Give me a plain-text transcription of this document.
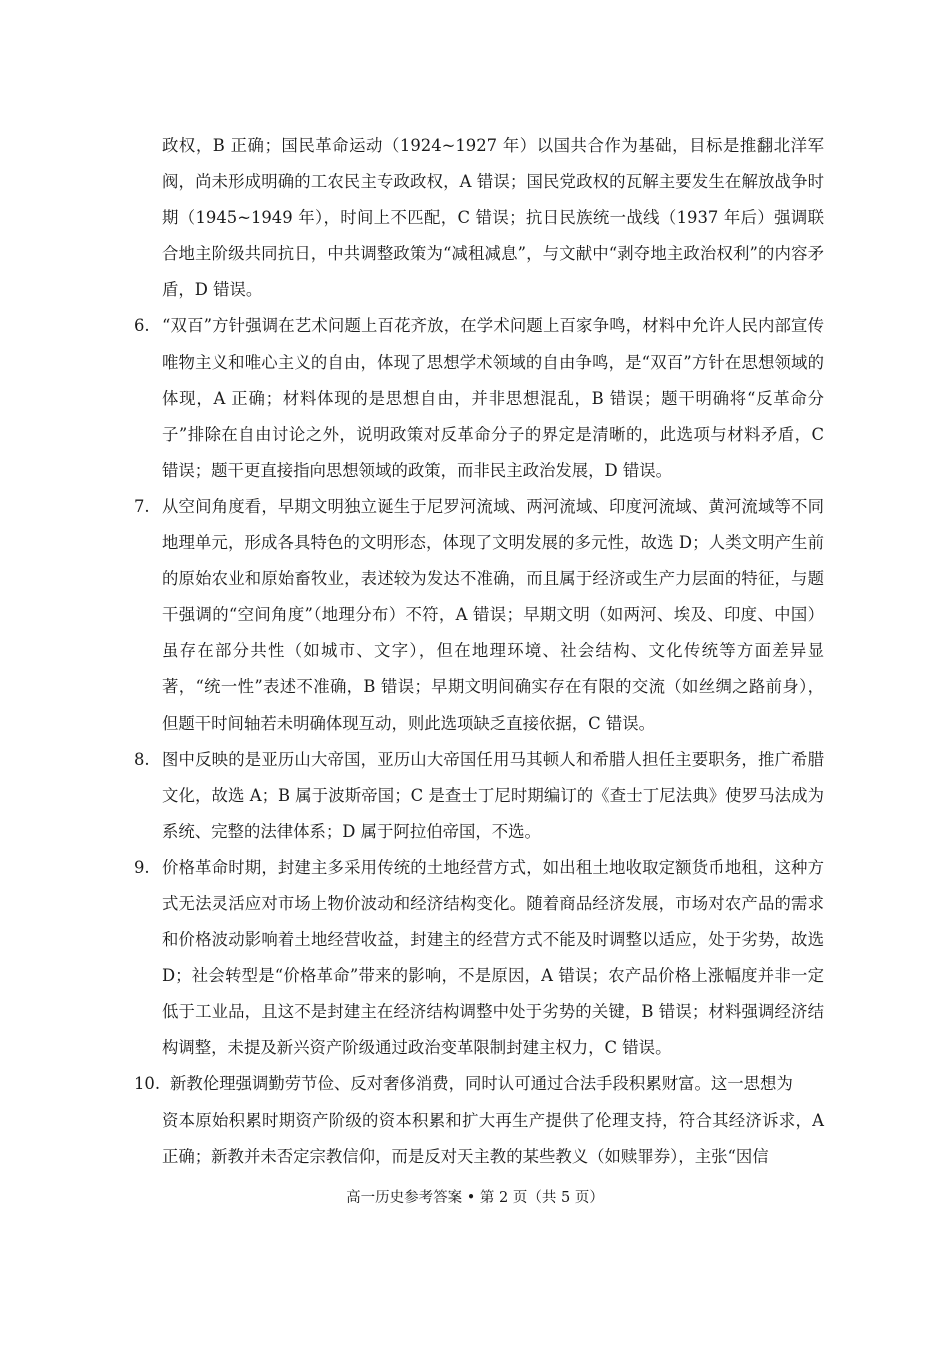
政权，B 正确；国民革命运动（1924~1927 年）以国共合作为基础，目标是推翻北洋军阀，尚未形成明确的工农民主专政政权，A 错误；国民党政权的瓦解主要发生在解放战争时期（1945~1949 年），时间上不匹配，C 错误；抗日民族统一战线（1937 年后）强调联合地主阶级共同抗日，中共调整政策为“减租减息”，与文献中“剥夺地主政治权利”的内容矛盾，D 错误。

6. “双百”方针强调在艺术问题上百花齐放，在学术问题上百家争鸣，材料中允许人民内部宣传唯物主义和唯心主义的自由，体现了思想学术领域的自由争鸣，是“双百”方针在思想领域的体现，A 正确；材料体现的是思想自由，并非思想混乱，B 错误；题干明确将“反革命分子”排除在自由讨论之外，说明政策对反革命分子的界定是清晰的，此选项与材料矛盾，C 错误；题干更直接指向思想领域的政策，而非民主政治发展，D 错误。
7. 从空间角度看，早期文明独立诞生于尼罗河流域、两河流域、印度河流域、黄河流域等不同地理单元，形成各具特色的文明形态，体现了文明发展的多元性，故选 D；人类文明产生前的原始农业和原始畜牧业，表述较为发达不准确，而且属于经济或生产力层面的特征，与题干强调的“空间角度”（地理分布）不符，A 错误；早期文明（如两河、埃及、印度、中国）虽存在部分共性（如城市、文字），但在地理环境、社会结构、文化传统等方面差异显著，“统一性”表述不准确，B 错误；早期文明间确实存在有限的交流（如丝绸之路前身），但题干时间轴若未明确体现互动，则此选项缺乏直接依据，C 错误。
8. 图中反映的是亚历山大帝国，亚历山大帝国任用马其顿人和希腊人担任主要职务，推广希腊文化，故选 A；B 属于波斯帝国；C 是查士丁尼时期编订的《查士丁尼法典》使罗马法成为系统、完整的法律体系；D 属于阿拉伯帝国，不选。
9. 价格革命时期，封建主多采用传统的土地经营方式，如出租土地收取定额货币地租，这种方式无法灵活应对市场上物价波动和经济结构变化。随着商品经济发展，市场对农产品的需求和价格波动影响着土地经营收益，封建主的经营方式不能及时调整以适应，处于劣势，故选 D；社会转型是“价格革命”带来的影响，不是原因，A 错误；农产品价格上涨幅度并非一定低于工业品，且这不是封建主在经济结构调整中处于劣势的关键，B 错误；材料强调经济结构调整，未提及新兴资产阶级通过政治变革限制封建主权力，C 错误。
10. 新教伦理强调勤劳节俭、反对奢侈消费，同时认可通过合法手段积累财富。这一思想为
资本原始积累时期资产阶级的资本积累和扩大再生产提供了伦理支持，符合其经济诉求，A 正确；新教并未否定宗教信仰，而是反对天主教的某些教义（如赎罪券），主张“因信
高一历史参考答案 • 第 2 页（共 5 页）
